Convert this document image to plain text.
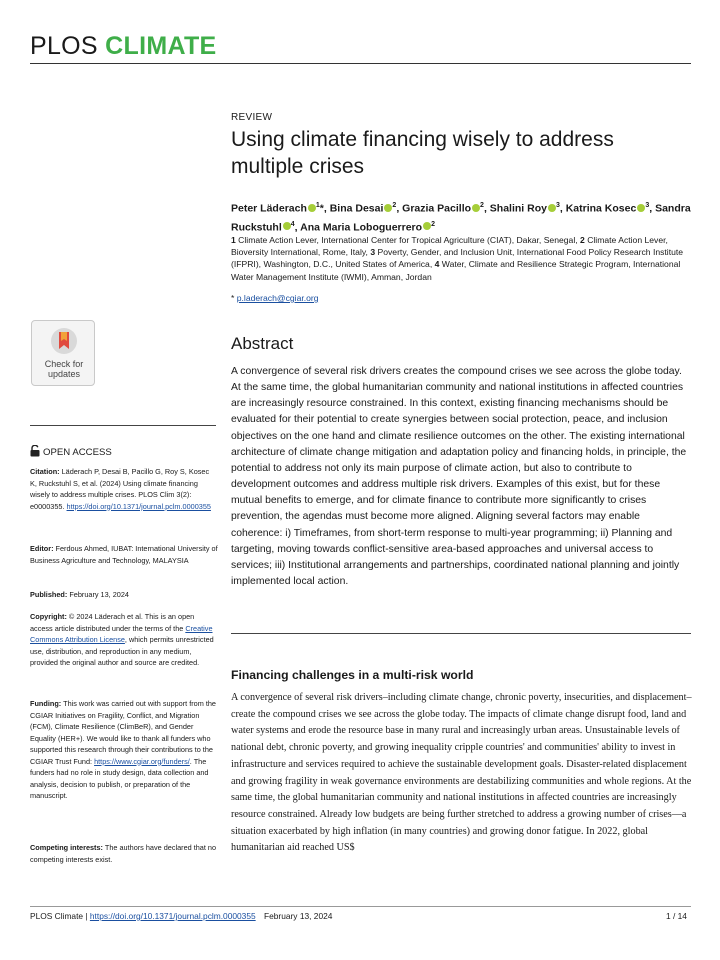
PLOS CLIMATE
REVIEW
Using climate financing wisely to address multiple crises
Peter Läderach $^1$*, Bina Desai $^2$, Grazia Pacillo $^2$, Shalini Roy $^3$, Katrina Kosec $^3$, Sandra Ruckstuhl $^4$, Ana Maria Loboguerrero $^2$
1 Climate Action Lever, International Center for Tropical Agriculture (CIAT), Dakar, Senegal, 2 Climate Action Lever, Bioversity International, Rome, Italy, 3 Poverty, Gender, and Inclusion Unit, International Food Policy Research Institute (IFPRI), Washington, D.C., United States of America, 4 Water, Climate and Resilience Strategic Program, International Water Management Institute (IWMI), Amman, Jordan
* p.laderach@cgiar.org
Abstract
A convergence of several risk drivers creates the compound crises we see across the globe today. At the same time, the global humanitarian community and national institutions in affected countries are increasingly resource constrained. In this context, existing financing mechanisms should be evaluated for their potential to create synergies between social protection, peace, and inclusion objectives on the one hand and climate resilience outcomes on the other. The existing international architecture of climate change mitigation and adaptation policy and financing holds, in principle, the potential to address not only its main purpose of climate action, but also to contribute to development outcomes and address multiple risk drivers. Examples of this exist, but for these mutual benefits to emerge, and for climate finance to contribute more significantly to crises prevention, the agendas must become more aligned. Aligning several factors may enable coherence: i) Timeframes, from short-term response to multi-year programming; ii) Planning and targeting, moving towards conflict-sensitive area-based approaches and universal access to services; iii) Institutional arrangements and partnerships, coordinated national planning and jointly implemented local action.
Financing challenges in a multi-risk world
A convergence of several risk drivers–including climate change, chronic poverty, insecurities, and displacement–create the compound crises we see across the globe today. The impacts of climate change disrupt food, land and water systems and erode the resource base in many rural and increasingly urban areas. Unsustainable levels of national debt, chronic poverty, and growing inequality cripple countries' and communities' ability to invest in infrastructure and services required to achieve the sustainable development goals. Disaster-related displacement and growing fragility in weak governance environments are destabilizing communities and whole regions. At the same time, the global humanitarian community and national institutions in affected countries are increasingly resource constrained. Already low budgets are being further stretched to address a growing number of crises—a situation exacerbated by high inflation (in many countries) and growing donor fatigue. In 2022, global humanitarian aid reached US$
Check for updates
OPEN ACCESS
Citation: Läderach P, Desai B, Pacillo G, Roy S, Kosec K, Ruckstuhl S, et al. (2024) Using climate financing wisely to address multiple crises. PLOS Clim 3(2): e0000355. https://doi.org/10.1371/journal.pclm.0000355
Editor: Ferdous Ahmed, IUBAT: International University of Business Agriculture and Technology, MALAYSIA
Published: February 13, 2024
Copyright: © 2024 Läderach et al. This is an open access article distributed under the terms of the Creative Commons Attribution License, which permits unrestricted use, distribution, and reproduction in any medium, provided the original author and source are credited.
Funding: This work was carried out with support from the CGIAR Initiatives on Fragility, Conflict, and Migration (FCM), Climate Resilience (ClimBeR), and Gender Equality (HER+). We would like to thank all funders who supported this research through their contributions to the CGIAR Trust Fund: https://www.cgiar.org/funders/. The funders had no role in study design, data collection and analysis, decision to publish, or preparation of the manuscript.
Competing interests: The authors have declared that no competing interests exist.
PLOS Climate | https://doi.org/10.1371/journal.pclm.0000355 February 13, 2024	1 / 14
